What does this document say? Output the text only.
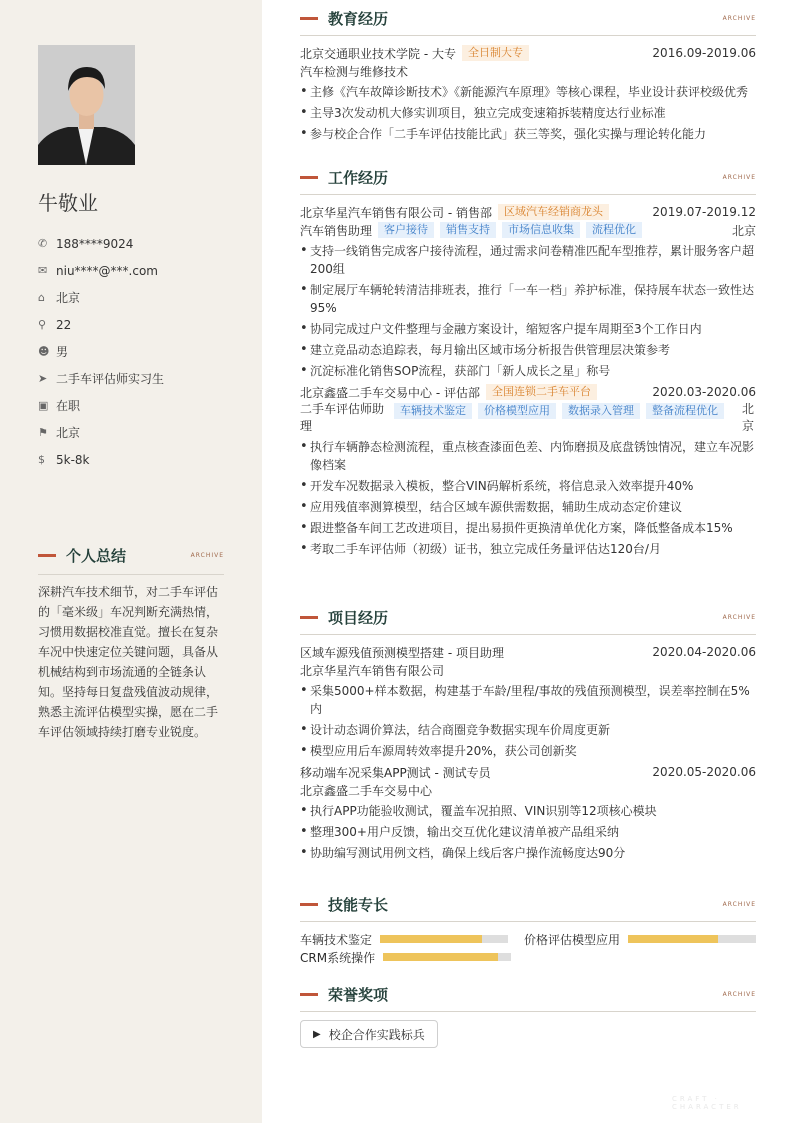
牛敬业
✆ 188****9024
✉ niu****@***.com
⌂ 北京
⚲ 22
☻ 男
➤ 二手车评估师实习生
▣ 在职
⚑ 北京
$ 5k-8k
个人总结	ARCHIVE
深耕汽车技术细节，对二手车评估的「毫米级」车况判断充满热情，习惯用数据校准直觉。擅长在复杂车况中快速定位关键问题，具备从机械结构到市场流通的全链条认知。坚持每日复盘残值波动规律，熟悉主流评估模型实操，愿在二手车评估领域持续打磨专业锐度。
教育经历	ARCHIVE
北京交通职业技术学院 - 大专	全日制大专	2016.09-2019.06
汽车检测与维修技术
• 主修《汽车故障诊断技术》《新能源汽车原理》等核心课程，毕业设计获评校级优秀
• 主导3次发动机大修实训项目，独立完成变速箱拆装精度达行业标准
• 参与校企合作「二手车评估技能比武」获三等奖，强化实操与理论转化能力
工作经历	ARCHIVE
北京华星汽车销售有限公司 - 销售部	区域汽车经销商龙头	2019.07-2019.12
汽车销售助理	客户接待	销售支持	市场信息收集	流程优化	北京
• 支持一线销售完成客户接待流程，通过需求问卷精准匹配车型推荐，累计服务客户超200组
• 制定展厅车辆轮转清洁排班表，推行「一车一档」养护标准，保持展车状态一致性达95%
• 协同完成过户文件整理与金融方案设计，缩短客户提车周期至3个工作日内
• 建立竞品动态追踪表，每月输出区域市场分析报告供管理层决策参考
• 沉淀标准化销售SOP流程，获部门「新人成长之星」称号
北京鑫盛二手车交易中心 - 评估部	全国连锁二手车平台	2020.03-2020.06
二手车评估师助理
车辆技术鉴定	价格模型应用	数据录入管理	整备流程优化	北京
• 执行车辆静态检测流程，重点核查漆面色差、内饰磨损及底盘锈蚀情况，建立车况影像档案
• 开发车况数据录入模板，整合VIN码解析系统，将信息录入效率提升40%
• 应用残值率测算模型，结合区域车源供需数据，辅助生成动态定价建议
• 跟进整备车间工艺改进项目，提出易损件更换清单优化方案，降低整备成本15%
• 考取二手车评估师（初级）证书，独立完成任务量评估达120台/月
项目经历	ARCHIVE
区域车源残值预测模型搭建 - 项目助理	2020.04-2020.06
北京华星汽车销售有限公司
• 采集5000+样本数据，构建基于车龄/里程/事故的残值预测模型，误差率控制在5%内
• 设计动态调价算法，结合商圈竞争数据实现车价周度更新
• 模型应用后车源周转效率提升20%，获公司创新奖
移动端车况采集APP测试 - 测试专员	2020.05-2020.06
北京鑫盛二手车交易中心
• 执行APP功能验收测试，覆盖车况拍照、VIN识别等12项核心模块
• 整理300+用户反馈，输出交互优化建议清单被产品组采纳
• 协助编写测试用例文档，确保上线后客户操作流畅度达90分
技能专长	ARCHIVE
车辆技术鉴定	价格评估模型应用
CRM系统操作
荣誉奖项	ARCHIVE
▶ 校企合作实践标兵
CRAFT · CHARACTER
